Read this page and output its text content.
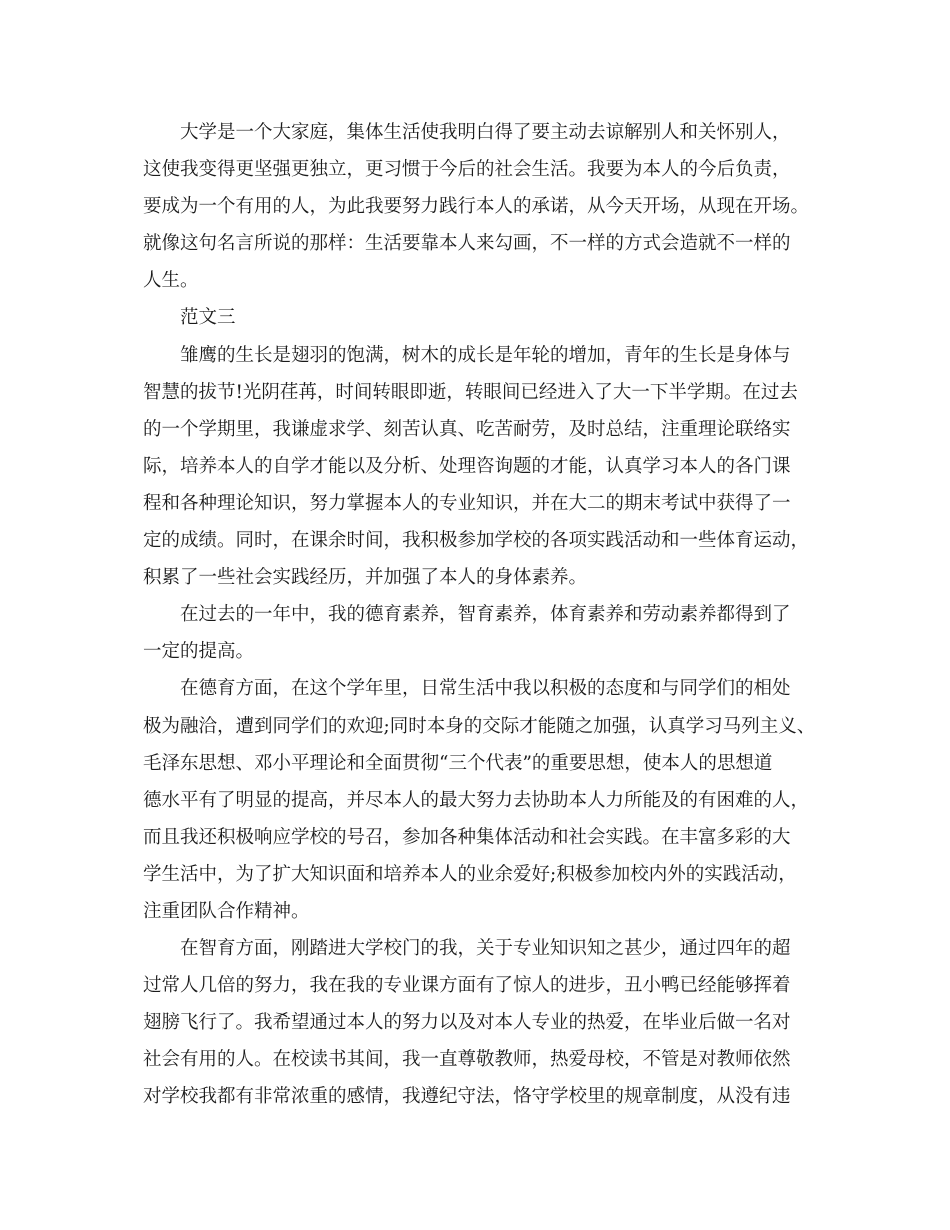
大学是一个大家庭，集体生活使我明白得了要主动去谅解别人和关怀别人，
这使我变得更坚强更独立，更习惯于今后的社会生活。我要为本人的今后负责，
要成为一个有用的人，为此我要努力践行本人的承诺，从今天开场，从现在开场。
就像这句名言所说的那样：生活要靠本人来勾画，不一样的方式会造就不一样的
人生。
范文三
雏鹰的生长是翅羽的饱满，树木的成长是年轮的增加，青年的生长是身体与
智慧的拔节!光阴荏苒，时间转眼即逝，转眼间已经进入了大一下半学期。在过去
的一个学期里，我谦虚求学、刻苦认真、吃苦耐劳，及时总结，注重理论联络实
际，培养本人的自学才能以及分析、处理咨询题的才能，认真学习本人的各门课
程和各种理论知识，努力掌握本人的专业知识，并在大二的期末考试中获得了一
定的成绩。同时，在课余时间，我积极参加学校的各项实践活动和一些体育运动，
积累了一些社会实践经历，并加强了本人的身体素养。
在过去的一年中，我的德育素养，智育素养，体育素养和劳动素养都得到了
一定的提高。
在德育方面，在这个学年里，日常生活中我以积极的态度和与同学们的相处
极为融洽，遭到同学们的欢迎;同时本身的交际才能随之加强，认真学习马列主义、
毛泽东思想、邓小平理论和全面贯彻“三个代表”的重要思想，使本人的思想道
德水平有了明显的提高，并尽本人的最大努力去协助本人力所能及的有困难的人，
而且我还积极响应学校的号召，参加各种集体活动和社会实践。在丰富多彩的大
学生活中，为了扩大知识面和培养本人的业余爱好;积极参加校内外的实践活动，
注重团队合作精神。
在智育方面，刚踏进大学校门的我，关于专业知识知之甚少，通过四年的超
过常人几倍的努力，我在我的专业课方面有了惊人的进步，丑小鸭已经能够挥着
翅膀飞行了。我希望通过本人的努力以及对本人专业的热爱，在毕业后做一名对
社会有用的人。在校读书其间，我一直尊敬教师，热爱母校，不管是对教师依然
对学校我都有非常浓重的感情，我遵纪守法，恪守学校里的规章制度，从没有违
